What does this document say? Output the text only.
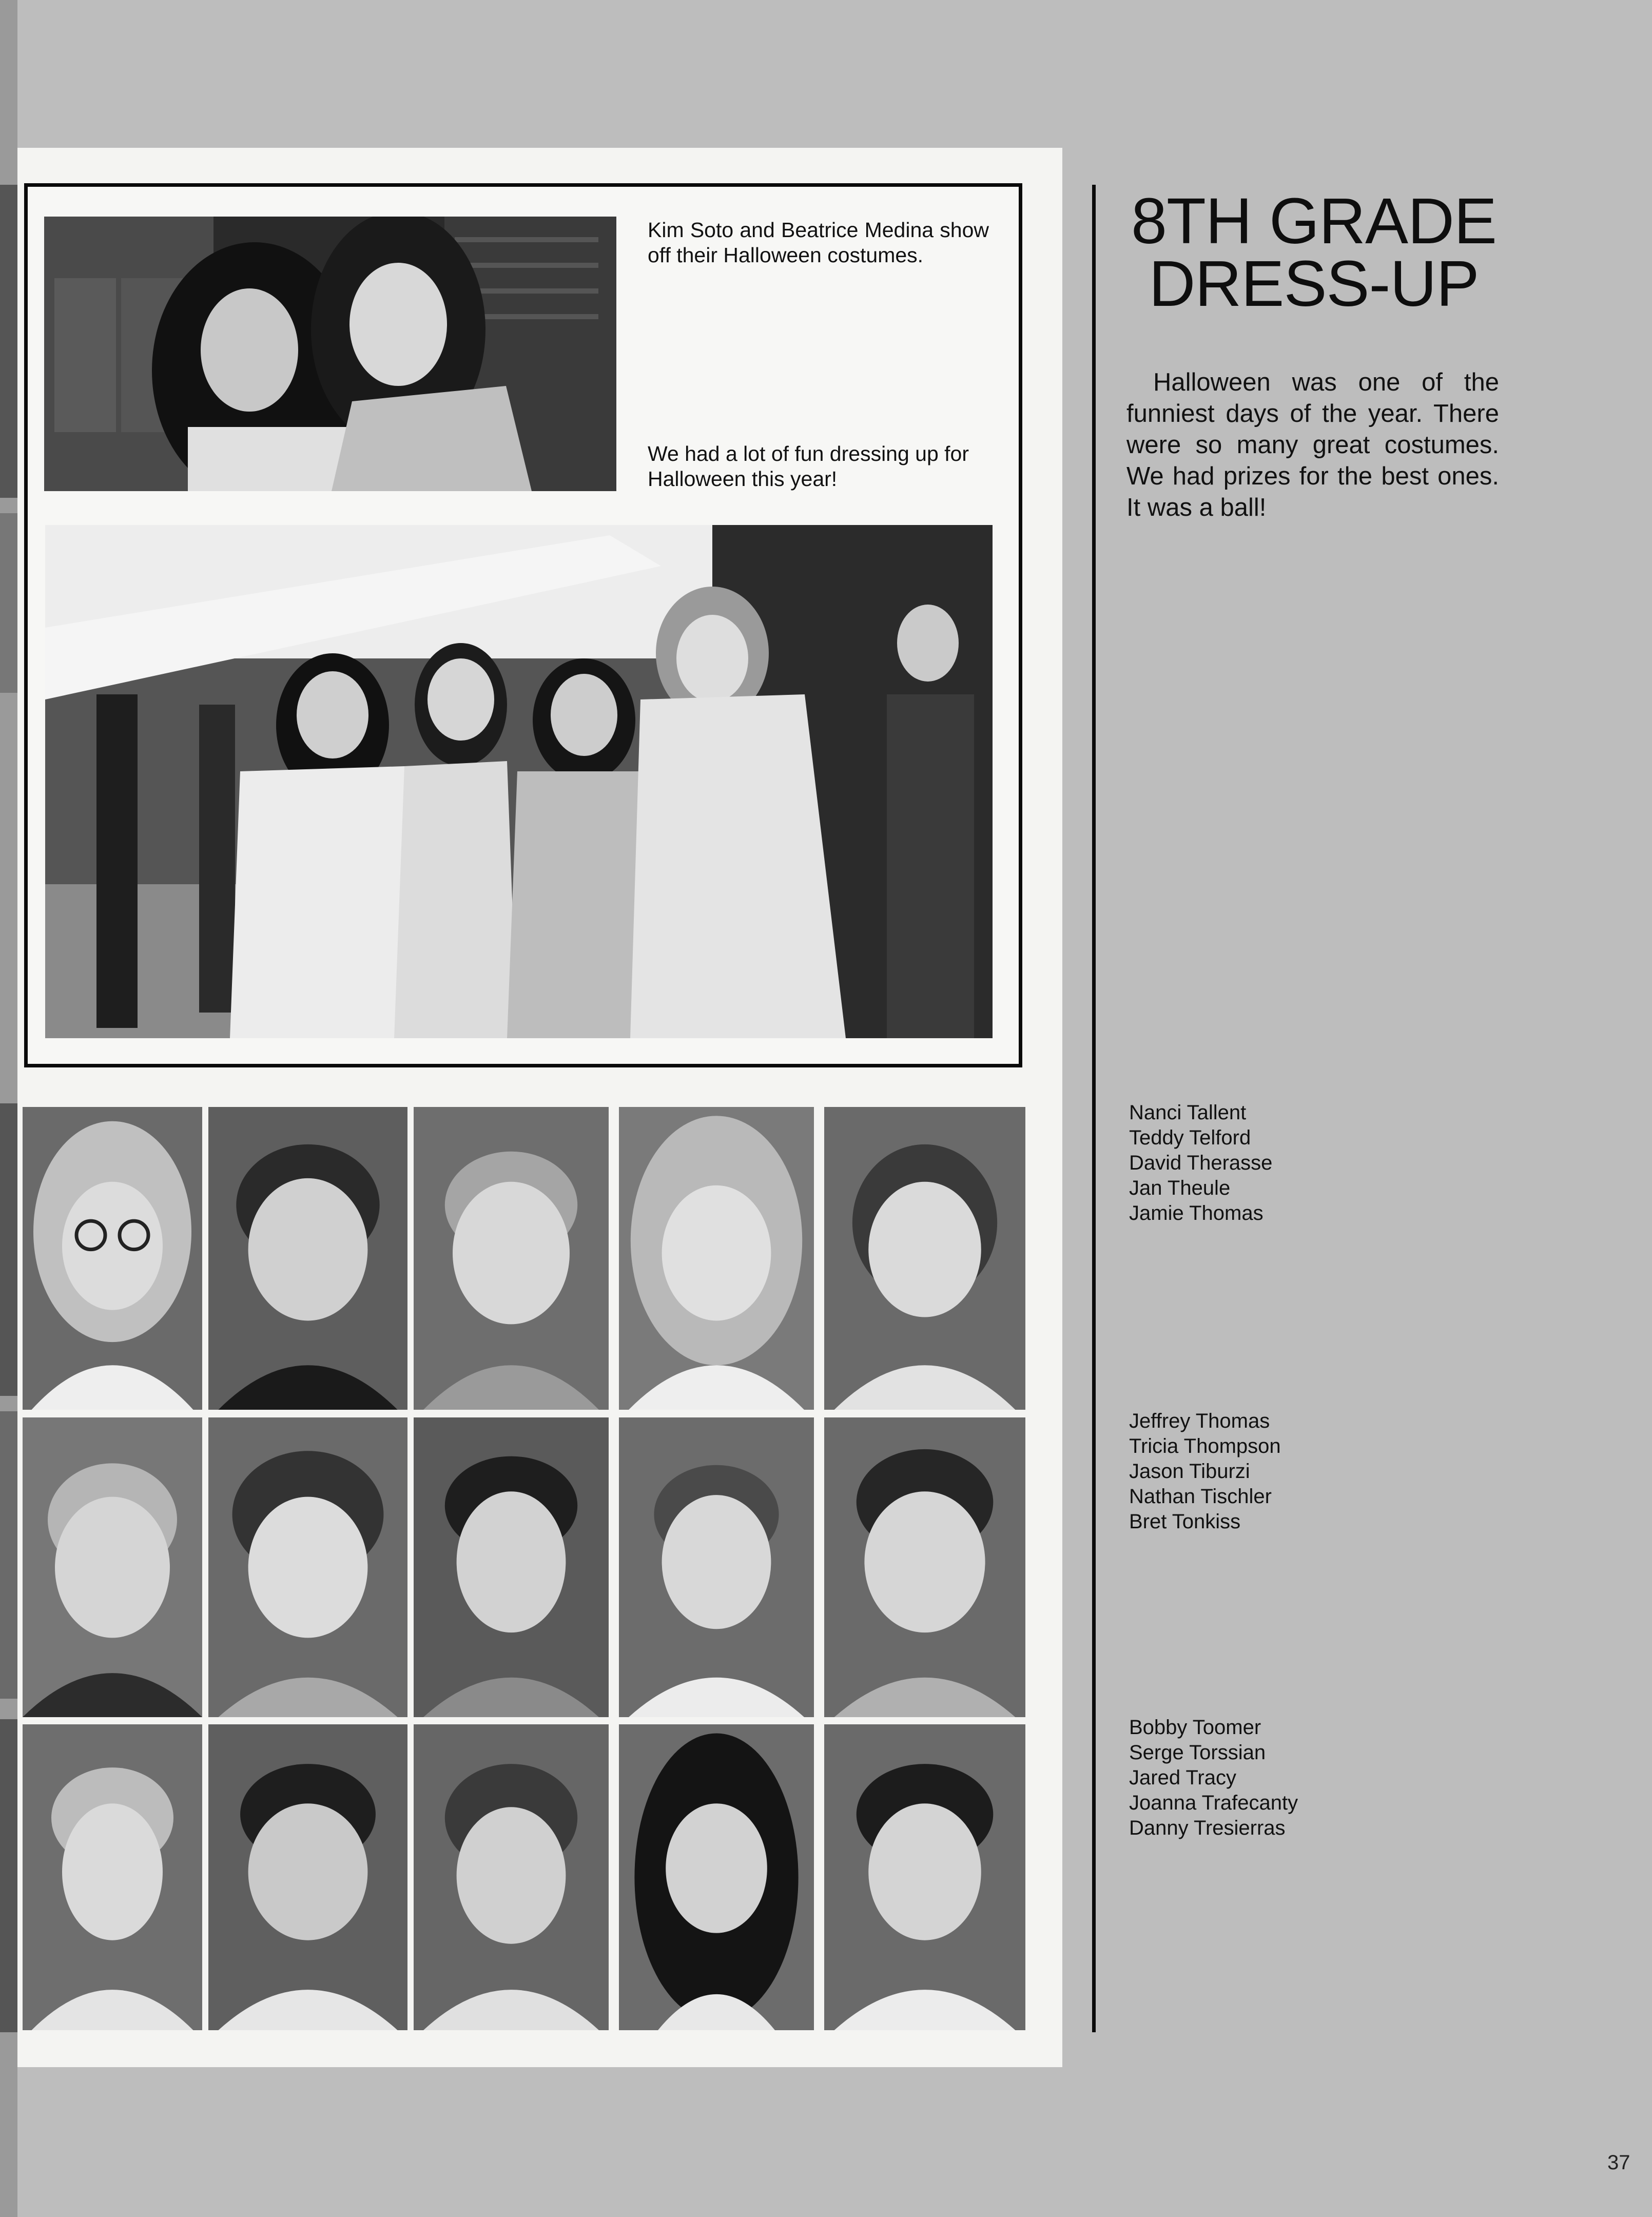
Kim Soto and Beatrice Medina show off their Halloween costumes.
We had a lot of fun dressing up for Halloween this year!
8TH GRADE
DRESS-UP
Halloween was one of the funniest days of the year. There were so many great costumes. We had prizes for the best ones. It was a ball!
Nanci Tallent
Teddy Telford
David Therasse
Jan Theule
Jamie Thomas
Jeffrey Thomas
Tricia Thompson
Jason Tiburzi
Nathan Tischler
Bret Tonkiss
Bobby Toomer
Serge Torssian
Jared Tracy
Joanna Trafecanty
Danny Tresierras
37
